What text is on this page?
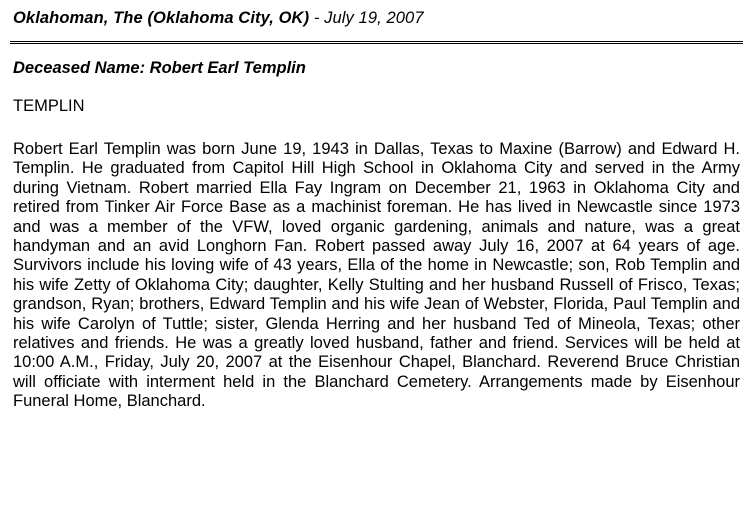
Oklahoman, The (Oklahoma City, OK) - July 19, 2007
Deceased Name: Robert Earl Templin
TEMPLIN

Robert Earl Templin was born June 19, 1943 in Dallas, Texas to Maxine (Barrow) and Edward H. Templin. He graduated from Capitol Hill High School in Oklahoma City and served in the Army during Vietnam. Robert married Ella Fay Ingram on December 21, 1963 in Oklahoma City and retired from Tinker Air Force Base as a machinist foreman. He has lived in Newcastle since 1973 and was a member of the VFW, loved organic gardening, animals and nature, was a great handyman and an avid Longhorn Fan. Robert passed away July 16, 2007 at 64 years of age. Survivors include his loving wife of 43 years, Ella of the home in Newcastle; son, Rob Templin and his wife Zetty of Oklahoma City; daughter, Kelly Stulting and her husband Russell of Frisco, Texas; grandson, Ryan; brothers, Edward Templin and his wife Jean of Webster, Florida, Paul Templin and his wife Carolyn of Tuttle; sister, Glenda Herring and her husband Ted of Mineola, Texas; other relatives and friends. He was a greatly loved husband, father and friend. Services will be held at 10:00 A.M., Friday, July 20, 2007 at the Eisenhour Chapel, Blanchard. Reverend Bruce Christian will officiate with interment held in the Blanchard Cemetery. Arrangements made by Eisenhour Funeral Home, Blanchard.
